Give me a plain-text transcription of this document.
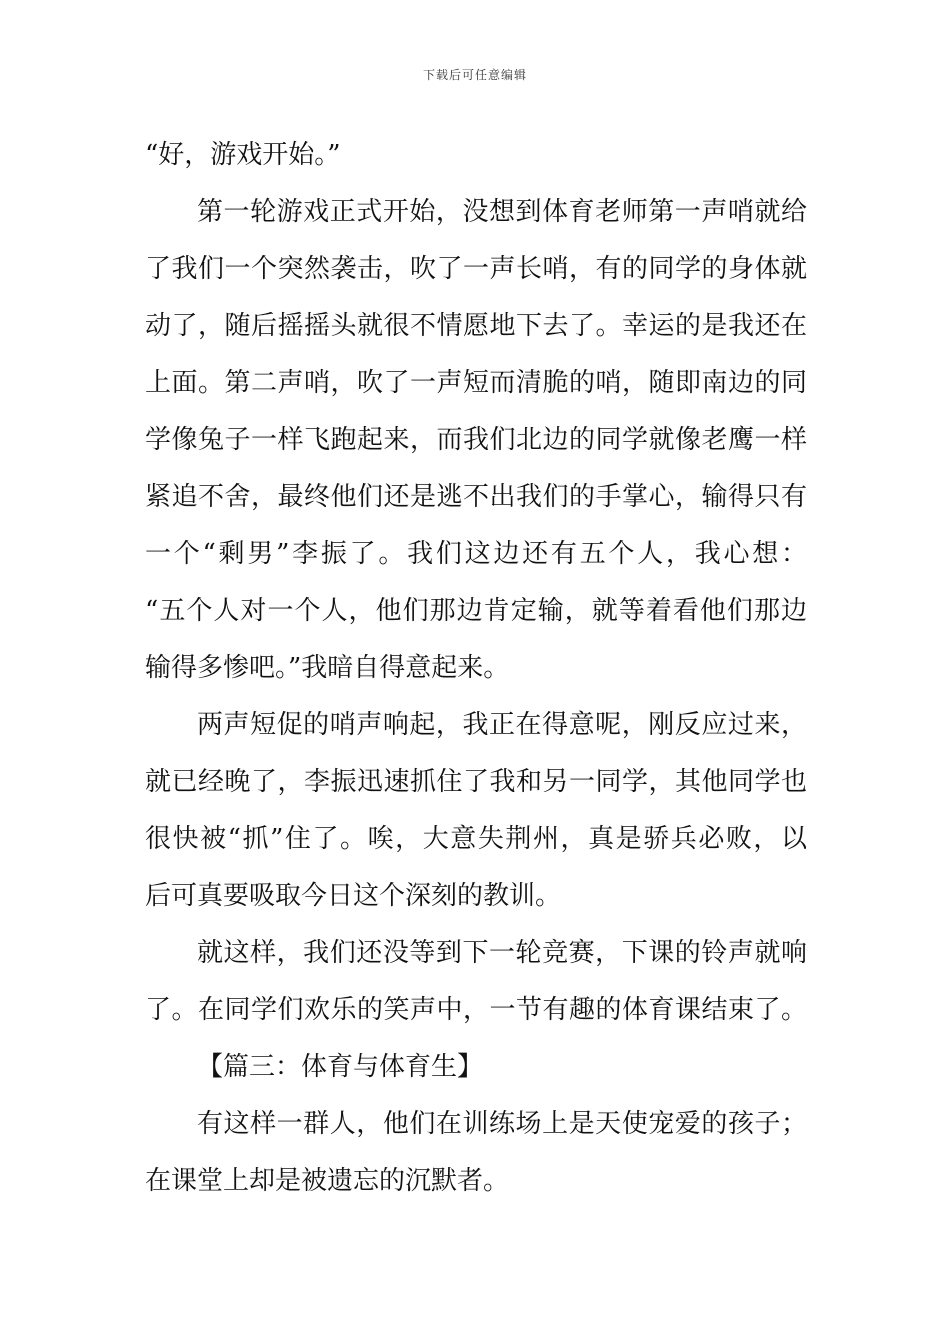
下载后可任意编辑
“好，游戏开始。”
第一轮游戏正式开始，没想到体育老师第一声哨就给
了我们一个突然袭击，吹了一声长哨，有的同学的身体就
动了，随后摇摇头就很不情愿地下去了。幸运的是我还在
上面。第二声哨，吹了一声短而清脆的哨，随即南边的同
学像兔子一样飞跑起来，而我们北边的同学就像老鹰一样
紧追不舍，最终他们还是逃不出我们的手掌心，输得只有
一个“剩男”李振了。我们这边还有五个人，我心想：
“五个人对一个人，他们那边肯定输，就等着看他们那边
输得多惨吧。”我暗自得意起来。
两声短促的哨声响起，我正在得意呢，刚反应过来，
就已经晚了，李振迅速抓住了我和另一同学，其他同学也
很快被“抓”住了。唉，大意失荆州，真是骄兵必败，以
后可真要吸取今日这个深刻的教训。
就这样，我们还没等到下一轮竞赛，下课的铃声就响
了。在同学们欢乐的笑声中，一节有趣的体育课结束了。
【篇三：体育与体育生】
有这样一群人，他们在训练场上是天使宠爱的孩子；
在课堂上却是被遗忘的沉默者。
